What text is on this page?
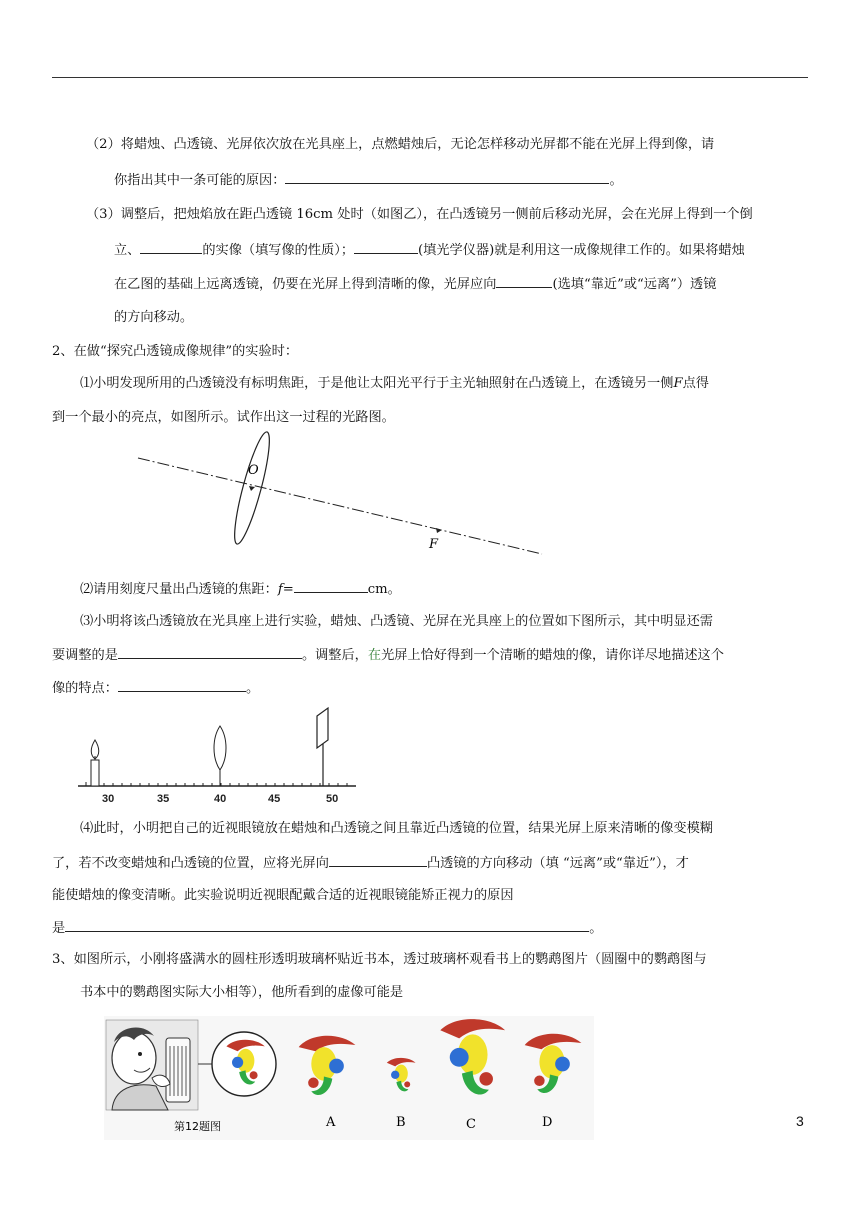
（2）将蜡烛、凸透镜、光屏依次放在光具座上，点燃蜡烛后，无论怎样移动光屏都不能在光屏上得到像，请
你指出其中一条可能的原因：	。
（3）调整后，把烛焰放在距凸透镜 16cm 处时（如图乙），在凸透镜另一侧前后移动光屏，会在光屏上得到一个倒
立、	的实像（填写像的性质）；	(填光学仪器)就是利用这一成像规律工作的。如果将蜡烛
在乙图的基础上远离透镜，仍要在光屏上得到清晰的像，光屏应向	(选填“靠近”或“远离”）透镜
的方向移动。
2、在做“探究凸透镜成像规律”的实验时：
⑴小明发现所用的凸透镜没有标明焦距，于是他让太阳光平行于主光轴照射在凸透镜上，在透镜另一侧F点得
到一个最小的亮点，如图所示。试作出这一过程的光路图。
O
F
⑵请用刻度尺量出凸透镜的焦距：f=	cm。
⑶小明将该凸透镜放在光具座上进行实验，蜡烛、凸透镜、光屏在光具座上的位置如下图所示，其中明显还需
要调整的是	。调整后，在光屏上恰好得到一个清晰的蜡烛的像，请你详尽地描述这个
像的特点：	。
30	35	40	45	50
⑷此时，小明把自己的近视眼镜放在蜡烛和凸透镜之间且靠近凸透镜的位置，结果光屏上原来清晰的像变模糊
了，若不改变蜡烛和凸透镜的位置，应将光屏向	凸透镜的方向移动（填 “远离”或“靠近”），才
能使蜡烛的像变清晰。此实验说明近视眼配戴合适的近视眼镜能矫正视力的原因
是	。
3、如图所示，小刚将盛满水的圆柱形透明玻璃杯贴近书本，透过玻璃杯观看书上的鹦鹉图片（圆圈中的鹦鹉图与
书本中的鹦鹉图实际大小相等），他所看到的虚像可能是
第12题图	A	B	C	D	3
